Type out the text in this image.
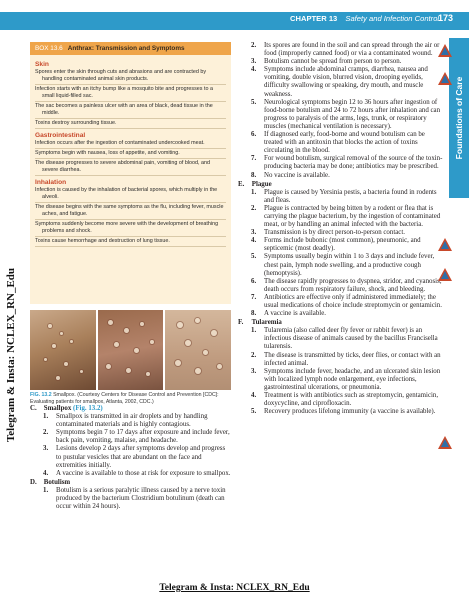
CHAPTER 13 Safety and Infection Control
173
Foundations of Care
Telegram & Insta: NCLEX_RN_Edu
BOX 13.6 Anthrax: Transmission and Symptoms
Skin
Spores enter the skin through cuts and abrasions and are contracted by handling contaminated animal skin products.
Infection starts with an itchy bump like a mosquito bite and progresses to a small liquid-filled sac.
The sac becomes a painless ulcer with an area of black, dead tissue in the middle.
Toxins destroy surrounding tissue.
Gastrointestinal
Infection occurs after the ingestion of contaminated undercooked meat.
Symptoms begin with nausea, loss of appetite, and vomiting.
The disease progresses to severe abdominal pain, vomiting of blood, and severe diarrhea.
Inhalation
Infection is caused by the inhalation of bacterial spores, which multiply in the alveoli.
The disease begins with the same symptoms as the flu, including fever, muscle aches, and fatigue.
Symptoms suddenly become more severe with the development of breathing problems and shock.
Toxins cause hemorrhage and destruction of lung tissue.
FIG. 13.2 Smallpox. (Courtesy Centers for Disease Control and Prevention [CDC]: Evaluating patients for smallpox, Atlanta, 2002, CDC.)
C. Smallpox (Fig. 13.2)
1. Smallpox is transmitted in air droplets and by handling contaminated materials and is highly contagious.
2. Symptoms begin 7 to 17 days after exposure and include fever, back pain, vomiting, malaise, and headache.
3. Lesions develop 2 days after symptoms develop and progress to pustular vesicles that are abundant on the face and extremities initially.
4. A vaccine is available to those at risk for exposure to smallpox.
D. Botulism
1. Botulism is a serious paralytic illness caused by a nerve toxin produced by the bacterium Clostridium botulinum (death can occur within 24 hours).
2. Its spores are found in the soil and can spread through the air or food (improperly canned food) or via a contaminated wound.
3. Botulism cannot be spread from person to person.
4. Symptoms include abdominal cramps, diarrhea, nausea and vomiting, double vision, blurred vision, drooping eyelids, difficulty swallowing or speaking, dry mouth, and muscle weakness.
5. Neurological symptoms begin 12 to 36 hours after ingestion of food-borne botulism and 24 to 72 hours after inhalation and can progress to paralysis of the arms, legs, trunk, or respiratory muscles (mechanical ventilation is necessary).
6. If diagnosed early, food-borne and wound botulism can be treated with an antitoxin that blocks the action of toxins circulating in the blood.
7. For wound botulism, surgical removal of the source of the toxin-producing bacteria may be done; antibiotics may be prescribed.
8. No vaccine is available.
E. Plague
1. Plague is caused by Yersinia pestis, a bacteria found in rodents and fleas.
2. Plague is contracted by being bitten by a rodent or flea that is carrying the plague bacterium, by the ingestion of contaminated meat, or by handling an animal infected with the bacteria.
3. Transmission is by direct person-to-person contact.
4. Forms include bubonic (most common), pneumonic, and septicemic (most deadly).
5. Symptoms usually begin within 1 to 3 days and include fever, chest pain, lymph node swelling, and a productive cough (hemoptysis).
6. The disease rapidly progresses to dyspnea, stridor, and cyanosis; death occurs from respiratory failure, shock, and bleeding.
7. Antibiotics are effective only if administered immediately; the usual medications of choice include streptomycin or gentamicin.
8. A vaccine is available.
F. Tularemia
1. Tularemia (also called deer fly fever or rabbit fever) is an infectious disease of animals caused by the bacillus Francisella tularensis.
2. The disease is transmitted by ticks, deer flies, or contact with an infected animal.
3. Symptoms include fever, headache, and an ulcerated skin lesion with localized lymph node enlargement, eye infections, gastrointestinal ulcerations, or pneumonia.
4. Treatment is with antibiotics such as streptomycin, gentamicin, doxycycline, and ciprofloxacin.
5. Recovery produces lifelong immunity (a vaccine is available).
Telegram & Insta: NCLEX_RN_Edu
